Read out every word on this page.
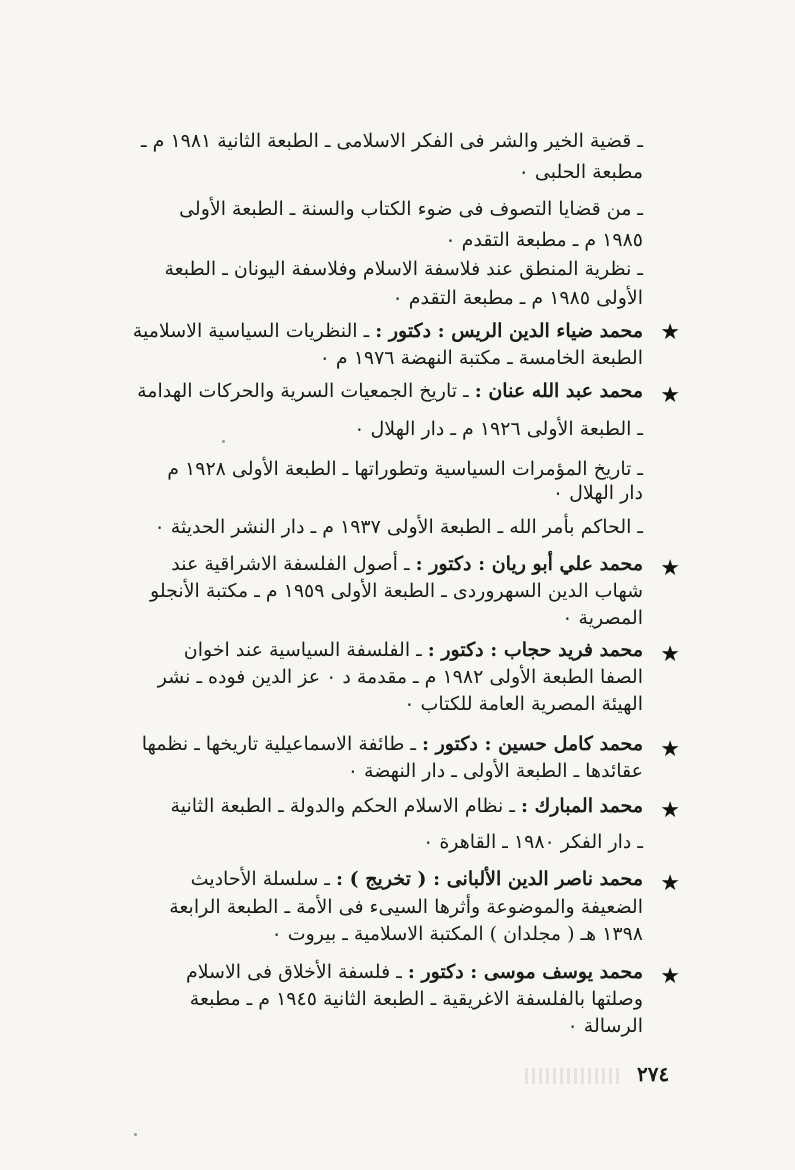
ـ قضية الخير والشر فى الفكر الاسلامى ـ الطبعة الثانية ١٩٨١ م ـ
مطبعة الحلبى ٠
ـ من قضايا التصوف فى ضوء الكتاب والسنة ـ الطبعة الأولى
١٩٨٥ م ـ مطبعة التقدم ٠
ـ نظرية المنطق عند فلاسفة الاسلام وفلاسفة اليونان ـ الطبعة
الأولى ١٩٨٥ م ـ مطبعة التقدم ٠
★
محمد ضياء الدين الريس : دكتور : ـ النظريات السياسية الاسلامية
الطبعة الخامسة ـ مكتبة النهضة ١٩٧٦ م ٠
★
محمد عبد الله عنان : ـ تاريخ الجمعيات السرية والحركات الهدامة
ـ الطبعة الأولى ١٩٢٦ م ـ دار الهلال ٠
ـ تاريخ المؤمرات السياسية وتطوراتها ـ الطبعة الأولى ١٩٢٨ م
دار الهلال ٠
ـ الحاكم بأمر الله ـ الطبعة الأولى ١٩٣٧ م ـ دار النشر الحديثة ٠
★
محمد علي أبو ريان : دكتور : ـ أصول الفلسفة الاشراقية عند
شهاب الدين السهروردى ـ الطبعة الأولى ١٩٥٩ م ـ مكتبة الأنجلو
المصرية ٠
★
محمد فريد حجاب : دكتور : ـ الفلسفة السياسية عند اخوان
الصفا الطبعة الأولى ١٩٨٢ م ـ مقدمة د ٠ عز الدين فوده ـ نشر
الهيئة المصرية العامة للكتاب ٠
★
محمد كامل حسين : دكتور : ـ طائفة الاسماعيلية تاريخها ـ نظمها
عقائدها ـ الطبعة الأولى ـ دار النهضة ٠
★
محمد المبارك : ـ نظام الاسلام الحكم والدولة ـ الطبعة الثانية
ـ دار الفكر ١٩٨٠ ـ القاهرة ٠
★
محمد ناصر الدين الألبانى : ( تخريج ) : ـ سلسلة الأحاديث
الضعيفة والموضوعة وأثرها السيىء فى الأمة ـ الطبعة الرابعة
١٣٩٨ هـ ( مجلدان ) المكتبة الاسلامية ـ بيروت ٠
★
محمد يوسف موسى : دكتور : ـ فلسفة الأخلاق فى الاسلام
وصلتها بالفلسفة الاغريقية ـ الطبعة الثانية ١٩٤٥ م ـ مطبعة
الرسالة ٠
٢٧٤
